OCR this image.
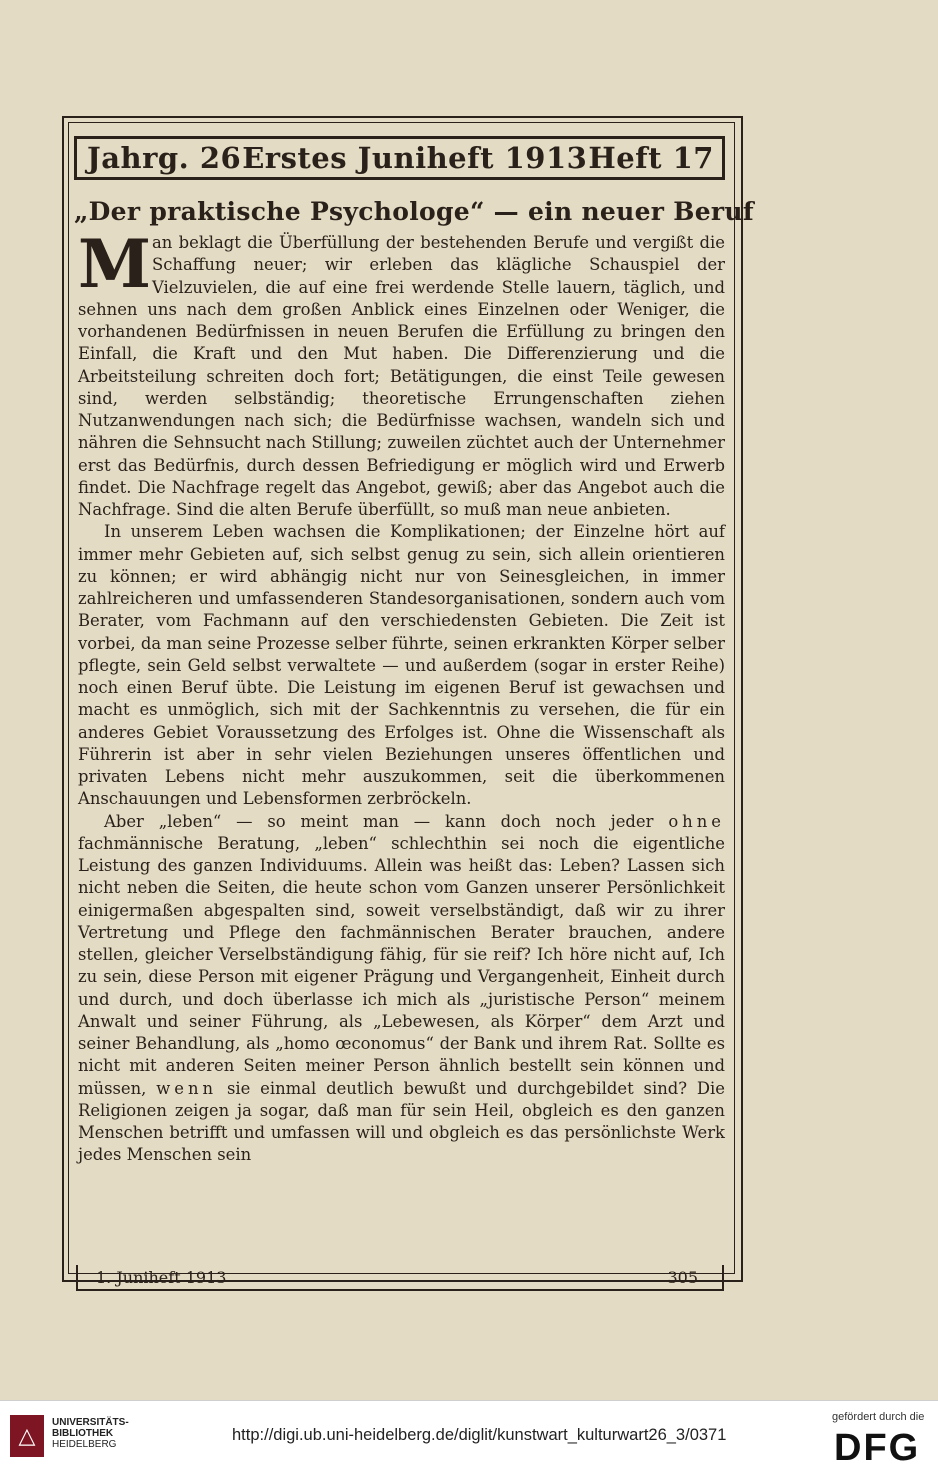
Jahrg. 26 Erstes Juniheft 1913 Heft 17
„Der praktische Psychologe“ — ein neuer Beruf

M an beklagt die Überfüllung der bestehenden Berufe und vergißt die Schaffung neuer; wir erleben das klägliche Schauspiel der Vielzuvielen, die auf eine frei werdende Stelle lauern, täglich, und sehnen uns nach dem großen Anblick eines Einzelnen oder Weniger, die vorhandenen Bedürfnissen in neuen Berufen die Erfüllung zu bringen den Einfall, die Kraft und den Mut haben. Die Differenzierung und die Arbeitsteilung schreiten doch fort; Betätigungen, die einst Teile gewesen sind, werden selbständig; theoretische Errungenschaften ziehen Nutzanwendungen nach sich; die Bedürfnisse wachsen, wandeln sich und nähren die Sehnsucht nach Stillung; zuweilen züchtet auch der Unternehmer erst das Bedürfnis, durch dessen Befriedigung er möglich wird und Erwerb findet. Die Nachfrage regelt das Angebot, gewiß; aber das Angebot auch die Nachfrage. Sind die alten Berufe überfüllt, so muß man neue anbieten.

In unserem Leben wachsen die Komplikationen; der Einzelne hört auf immer mehr Gebieten auf, sich selbst genug zu sein, sich allein orientieren zu können; er wird abhängig nicht nur von Seinesgleichen, in immer zahlreicheren und umfassenderen Standesorganisationen, sondern auch vom Berater, vom Fachmann auf den verschiedensten Gebieten. Die Zeit ist vorbei, da man seine Prozesse selber führte, seinen erkrankten Körper selber pflegte, sein Geld selbst verwaltete — und außerdem (sogar in erster Reihe) noch einen Beruf übte. Die Leistung im eigenen Beruf ist gewachsen und macht es unmöglich, sich mit der Sachkenntnis zu versehen, die für ein anderes Gebiet Voraussetzung des Erfolges ist. Ohne die Wissenschaft als Führerin ist aber in sehr vielen Beziehungen unseres öffentlichen und privaten Lebens nicht mehr auszukommen, seit die überkommenen Anschauungen und Lebensformen zerbröckeln.

Aber „leben“ — so meint man — kann doch noch jeder ohne fachmännische Beratung, „leben“ schlechthin sei noch die eigentliche Leistung des ganzen Individuums. Allein was heißt das: Leben? Lassen sich nicht neben die Seiten, die heute schon vom Ganzen unserer Persönlichkeit einigermaßen abgespalten sind, soweit verselbständigt, daß wir zu ihrer Vertretung und Pflege den fachmännischen Berater brauchen, andere stellen, gleicher Verselbständigung fähig, für sie reif? Ich höre nicht auf, Ich zu sein, diese Person mit eigener Prägung und Vergangenheit, Einheit durch und durch, und doch überlasse ich mich als „juristische Person“ meinem Anwalt und seiner Führung, als „Lebewesen, als Körper“ dem Arzt und seiner Behandlung, als „homo œconomus“ der Bank und ihrem Rat. Sollte es nicht mit anderen Seiten meiner Person ähnlich bestellt sein können und müssen, wenn sie einmal deutlich bewußt und durchgebildet sind? Die Religionen zeigen ja sogar, daß man für sein Heil, obgleich es den ganzen Menschen betrifft und umfassen will und obgleich es das persönlichste Werk jedes Menschen sein

1. Juniheft 1913	305
△
UNIVERSITÄTS-
BIBLIOTHEK
HEIDELBERG
http://digi.ub.uni-heidelberg.de/diglit/kunstwart_kulturwart26_3/0371
gefördert durch die
DFG
